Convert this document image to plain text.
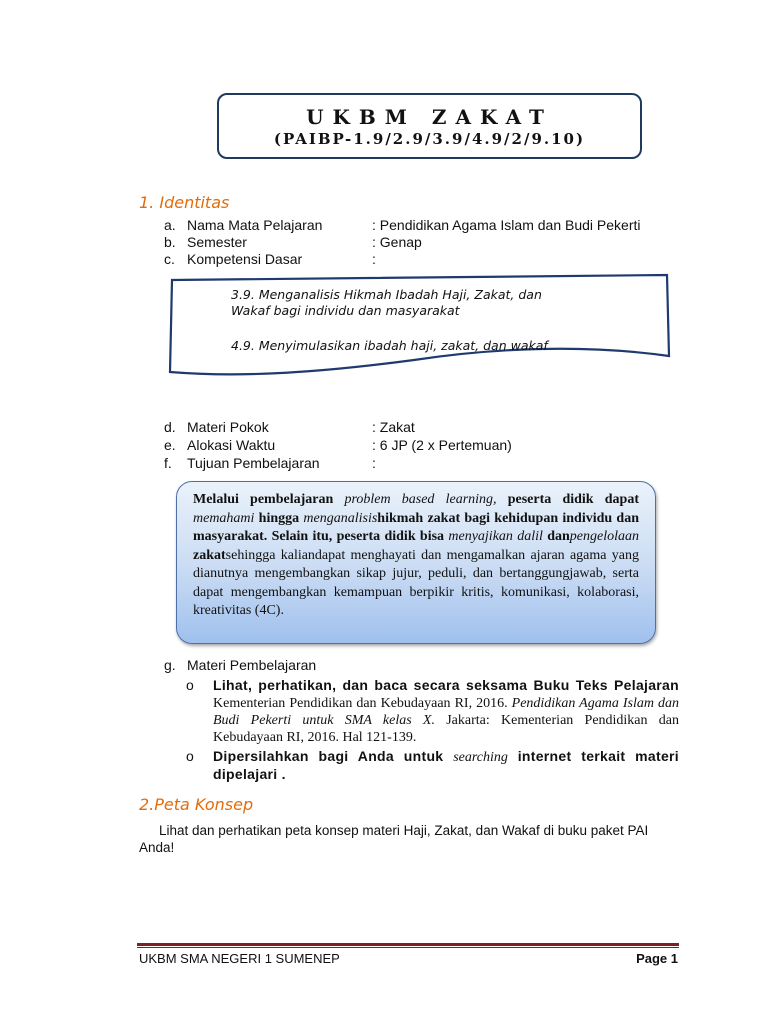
UKBM ZAKAT
(PAIBP-1.9/2.9/3.9/4.9/2/9.10)
1. Identitas
a. Nama Mata Pelajaran	: Pendidikan Agama Islam dan Budi Pekerti
b. Semester	: Genap
c. Kompetensi Dasar	:
3.9. Menganalisis Hikmah Ibadah Haji, Zakat, dan
Wakaf bagi individu dan masyarakat
4.9. Menyimulasikan ibadah haji, zakat, dan wakaf
d. Materi Pokok	: Zakat
e. Alokasi Waktu	: 6 JP (2 x Pertemuan)
f. Tujuan Pembelajaran	:
Melalui pembelajaran problem based learning, peserta didik dapat memahami hingga menganalisishikmah zakat bagi kehidupan individu dan masyarakat. Selain itu, peserta didik bisa menyajikan dalil danpengelolaan zakatsehingga kaliandapat menghayati dan mengamalkan ajaran agama yang dianutnya mengembangkan sikap jujur, peduli, dan bertanggungjawab, serta dapat mengembangkan kemampuan berpikir kritis, komunikasi, kolaborasi, kreativitas (4C).
g. Materi Pembelajaran
o Lihat, perhatikan, dan baca secara seksama Buku Teks Pelajaran Kementerian Pendidikan dan Kebudayaan RI, 2016. Pendidikan Agama Islam dan Budi Pekerti untuk SMA kelas X. Jakarta: Kementerian Pendidikan dan Kebudayaan RI, 2016. Hal 121-139.
o Dipersilahkan bagi Anda untuk searching internet terkait materi dipelajari .
2.Peta Konsep
Lihat dan perhatikan peta konsep materi Haji, Zakat, dan Wakaf di buku paket PAI Anda!
UKBM SMA NEGERI 1 SUMENEP	Page 1
